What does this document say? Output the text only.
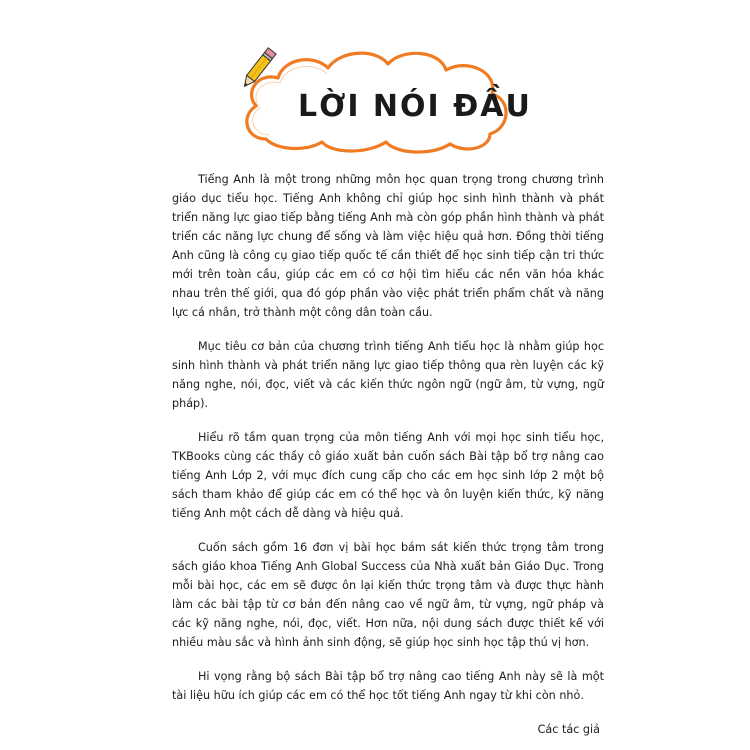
LỜI NÓI ĐẦU

Tiếng Anh là một trong những môn học quan trọng trong chương trình giáo dục tiểu học. Tiếng Anh không chỉ giúp học sinh hình thành và phát triển năng lực giao tiếp bằng tiếng Anh mà còn góp phần hình thành và phát triển các năng lực chung để sống và làm việc hiệu quả hơn. Đồng thời tiếng Anh cũng là công cụ giao tiếp quốc tế cần thiết để học sinh tiếp cận tri thức mới trên toàn cầu, giúp các em có cơ hội tìm hiểu các nền văn hóa khác nhau trên thế giới, qua đó góp phần vào việc phát triển phẩm chất và năng lực cá nhân, trở thành một công dân toàn cầu.

Mục tiêu cơ bản của chương trình tiếng Anh tiểu học là nhằm giúp học sinh hình thành và phát triển năng lực giao tiếp thông qua rèn luyện các kỹ năng nghe, nói, đọc, viết và các kiến thức ngôn ngữ (ngữ âm, từ vựng, ngữ pháp).

Hiểu rõ tầm quan trọng của môn tiếng Anh với mọi học sinh tiểu học, TKBooks cùng các thầy cô giáo xuất bản cuốn sách Bài tập bổ trợ nâng cao tiếng Anh Lớp 2, với mục đích cung cấp cho các em học sinh lớp 2 một bộ sách tham khảo để giúp các em có thể học và ôn luyện kiến thức, kỹ năng tiếng Anh một cách dễ dàng và hiệu quả.

Cuốn sách gồm 16 đơn vị bài học bám sát kiến thức trọng tâm trong sách giáo khoa Tiếng Anh Global Success của Nhà xuất bản Giáo Dục. Trong mỗi bài học, các em sẽ được ôn lại kiến thức trọng tâm và được thực hành làm các bài tập từ cơ bản đến nâng cao về ngữ âm, từ vựng, ngữ pháp và các kỹ năng nghe, nói, đọc, viết. Hơn nữa, nội dung sách được thiết kế với nhiều màu sắc và hình ảnh sinh động, sẽ giúp học sinh học tập thú vị hơn.

Hi vọng rằng bộ sách Bài tập bổ trợ nâng cao tiếng Anh này sẽ là một tài liệu hữu ích giúp các em có thể học tốt tiếng Anh ngay từ khi còn nhỏ.

Các tác giả
